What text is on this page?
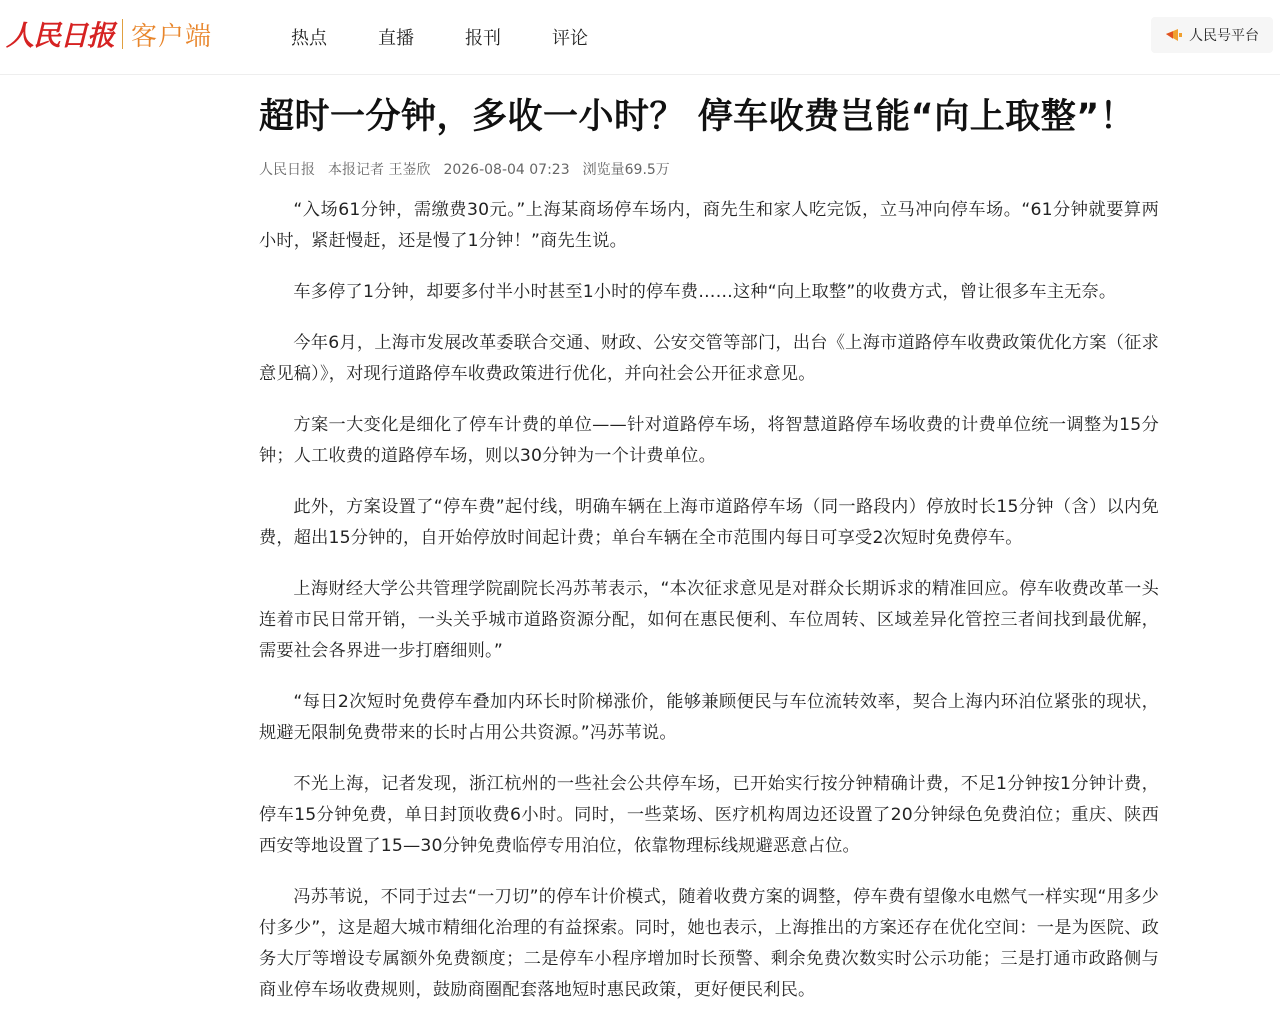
人民日报 客户端	热点	直播	报刊	评论	人民号平台
超时一分钟，多收一小时？ 停车收费岂能“向上取整”！
人民日报 本报记者 王崟欣 2026-08-04 07:23 浏览量69.5万

“入场61分钟，需缴费30元。”上海某商场停车场内，商先生和家人吃完饭，立马冲向停车场。“61分钟就要算两小时，紧赶慢赶，还是慢了1分钟！”商先生说。

车多停了1分钟，却要多付半小时甚至1小时的停车费……这种“向上取整”的收费方式，曾让很多车主无奈。

今年6月，上海市发展改革委联合交通、财政、公安交管等部门，出台《上海市道路停车收费政策优化方案（征求意见稿）》，对现行道路停车收费政策进行优化，并向社会公开征求意见。

方案一大变化是细化了停车计费的单位——针对道路停车场，将智慧道路停车场收费的计费单位统一调整为15分钟；人工收费的道路停车场，则以30分钟为一个计费单位。

此外，方案设置了“停车费”起付线，明确车辆在上海市道路停车场（同一路段内）停放时长15分钟（含）以内免费，超出15分钟的，自开始停放时间起计费；单台车辆在全市范围内每日可享受2次短时免费停车。

上海财经大学公共管理学院副院长冯苏苇表示，“本次征求意见是对群众长期诉求的精准回应。停车收费改革一头连着市民日常开销，一头关乎城市道路资源分配，如何在惠民便利、车位周转、区域差异化管控三者间找到最优解，需要社会各界进一步打磨细则。”

“每日2次短时免费停车叠加内环长时阶梯涨价，能够兼顾便民与车位流转效率，契合上海内环泊位紧张的现状，规避无限制免费带来的长时占用公共资源。”冯苏苇说。

不光上海，记者发现，浙江杭州的一些社会公共停车场，已开始实行按分钟精确计费，不足1分钟按1分钟计费，停车15分钟免费，单日封顶收费6小时。同时，一些菜场、医疗机构周边还设置了20分钟绿色免费泊位；重庆、陕西西安等地设置了15—30分钟免费临停专用泊位，依靠物理标线规避恶意占位。

冯苏苇说，不同于过去“一刀切”的停车计价模式，随着收费方案的调整，停车费有望像水电燃气一样实现“用多少付多少”，这是超大城市精细化治理的有益探索。同时，她也表示，上海推出的方案还存在优化空间：一是为医院、政务大厅等增设专属额外免费额度；二是停车小程序增加时长预警、剩余免费次数实时公示功能；三是打通市政路侧与商业停车场收费规则，鼓励商圈配套落地短时惠民政策，更好便民利民。
